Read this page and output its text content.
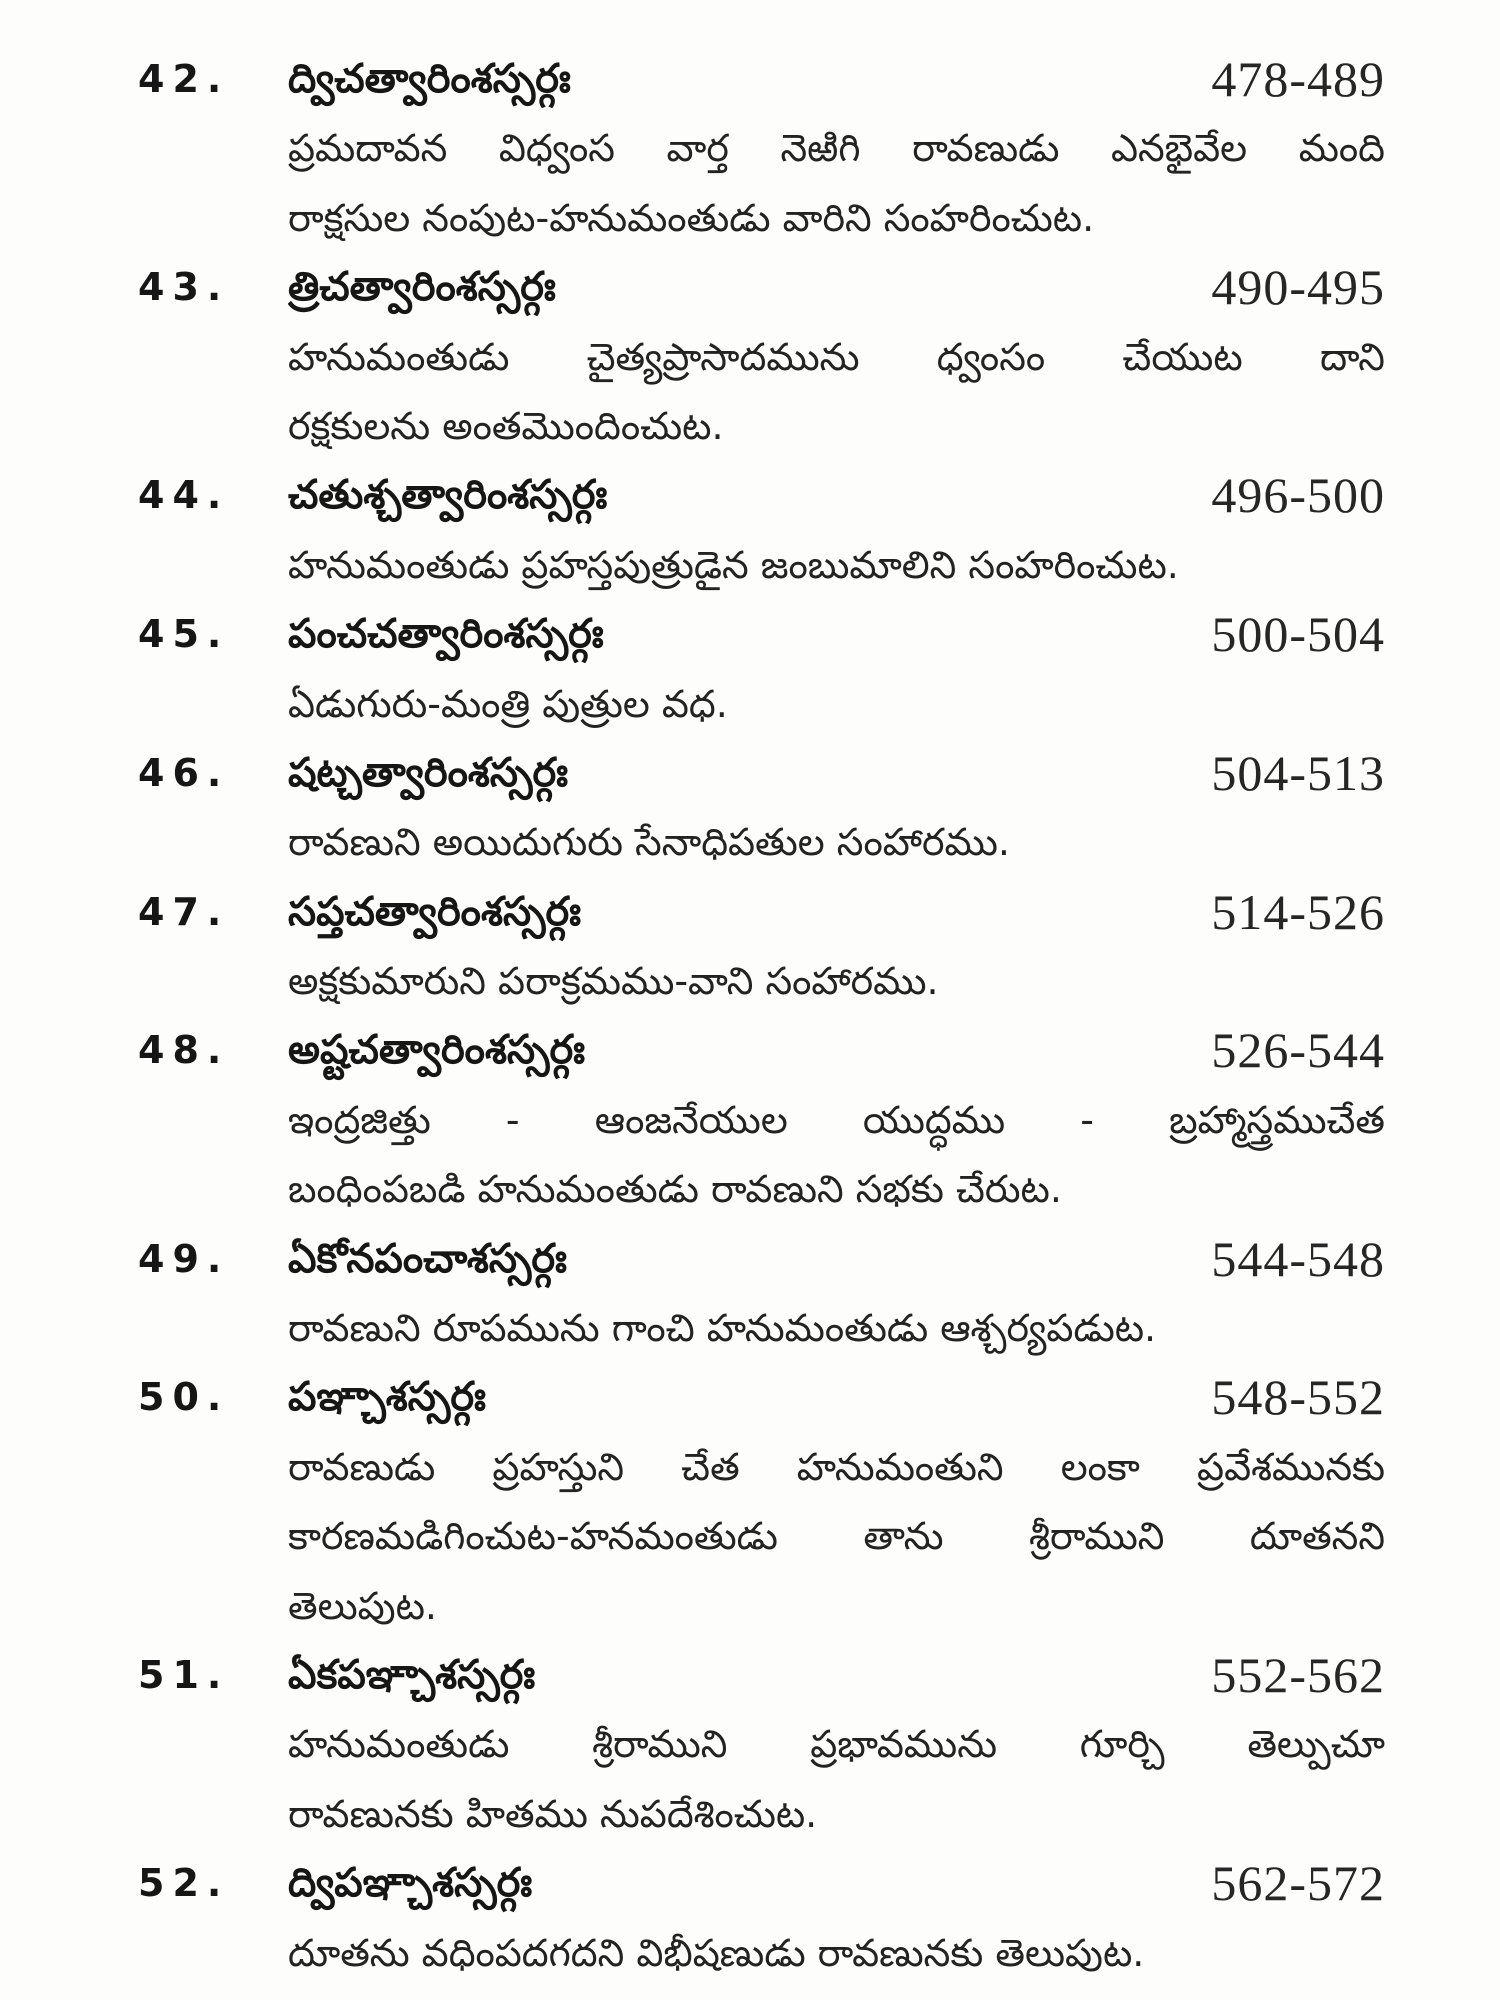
42. ద్విచత్వారింశస్సర్గః	478-489
ప్రమదావన విధ్వంస వార్త నెఱిగి రావణుడు ఎనభైవేల మంది
రాక్షసుల నంపుట-హనుమంతుడు వారిని సంహరించుట.
43. త్రిచత్వారింశస్సర్గః	490-495
హనుమంతుడు చైత్యప్రాసాదమును ధ్వంసం చేయుట దాని
రక్షకులను అంతమొందించుట.
44. చతుశ్చత్వారింశస్సర్గః	496-500
హనుమంతుడు ప్రహస్తపుత్రుడైన జంబుమాలిని సంహరించుట.
45. పంచచత్వారింశస్సర్గః	500-504
ఏడుగురు-మంత్రి పుత్రుల వధ.
46. షట్చత్వారింశస్సర్గః	504-513
రావణుని అయిదుగురు సేనాధిపతుల సంహారము.
47. సప్తచత్వారింశస్సర్గః	514-526
అక్షకుమారుని పరాక్రమము-వాని సంహారము.
48. అష్టచత్వారింశస్సర్గః	526-544
ఇంద్రజిత్తు - ఆంజనేయుల యుద్ధము - బ్రహ్మాస్త్రముచేత
బంధింపబడి హనుమంతుడు రావణుని సభకు చేరుట.
49. ఏకోనపంచాశస్సర్గః	544-548
రావణుని రూపమును గాంచి హనుమంతుడు ఆశ్చర్యపడుట.
50. పఞ్చాశస్సర్గః	548-552
రావణుడు ప్రహస్తుని చేత హనుమంతుని లంకా ప్రవేశమునకు
కారణమడిగించుట-హనమంతుడు తాను శ్రీరాముని దూతనని
తెలుపుట.
51. ఏకపఞ్చాశస్సర్గః	552-562
హనుమంతుడు శ్రీరాముని ప్రభావమును గూర్చి తెల్పుచూ
రావణునకు హితము నుపదేశించుట.
52. ద్విపఞ్చాశస్సర్గః	562-572
దూతను వధింపదగదని విభీషణుడు రావణునకు తెలుపుట.
